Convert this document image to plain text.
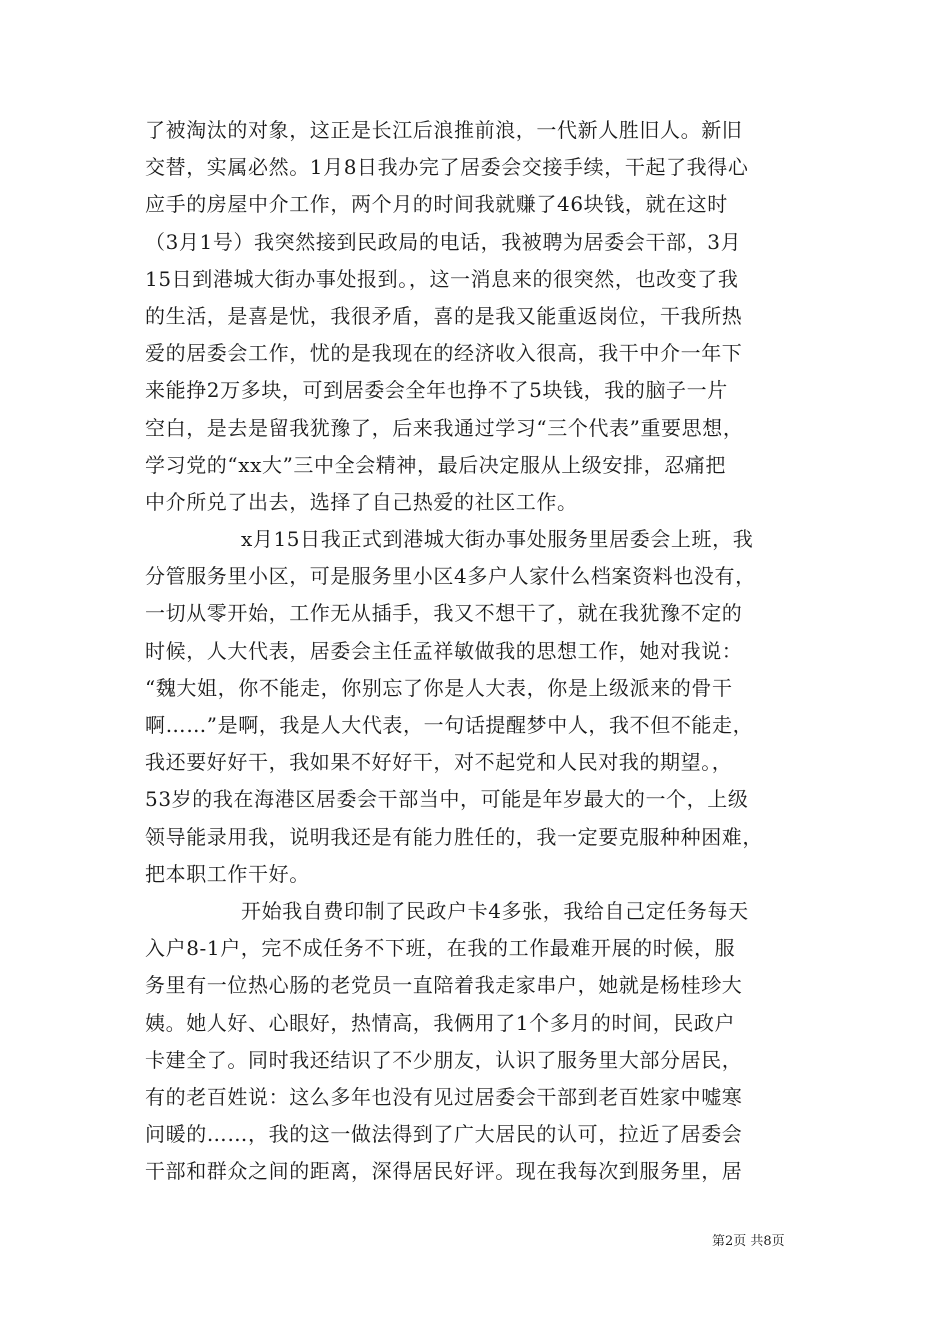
了被淘汰的对象，这正是长江后浪推前浪，一代新人胜旧人。新旧
交替，实属必然。1月8日我办完了居委会交接手续，干起了我得心
应手的房屋中介工作，两个月的时间我就赚了46块钱，就在这时
（3月1号）我突然接到民政局的电话，我被聘为居委会干部，3月
15日到港城大街办事处报到。，这一消息来的很突然，也改变了我
的生活，是喜是忧，我很矛盾，喜的是我又能重返岗位，干我所热
爱的居委会工作，忧的是我现在的经济收入很高，我干中介一年下
来能挣2万多块，可到居委会全年也挣不了5块钱，我的脑子一片
空白，是去是留我犹豫了，后来我通过学习“三个代表”重要思想，
学习党的“xx大”三中全会精神，最后决定服从上级安排，忍痛把
中介所兑了出去，选择了自己热爱的社区工作。
x月15日我正式到港城大街办事处服务里居委会上班，我
分管服务里小区，可是服务里小区4多户人家什么档案资料也没有，
一切从零开始，工作无从插手，我又不想干了，就在我犹豫不定的
时候，人大代表，居委会主任孟祥敏做我的思想工作，她对我说：
“魏大姐，你不能走，你别忘了你是人大表，你是上级派来的骨干
啊……”是啊，我是人大代表，一句话提醒梦中人，我不但不能走，
我还要好好干，我如果不好好干，对不起党和人民对我的期望。，
53岁的我在海港区居委会干部当中，可能是年岁最大的一个，上级
领导能录用我，说明我还是有能力胜任的，我一定要克服种种困难，
把本职工作干好。
开始我自费印制了民政户卡4多张，我给自己定任务每天
入户8-1户，完不成任务不下班，在我的工作最难开展的时候，服
务里有一位热心肠的老党员一直陪着我走家串户，她就是杨桂珍大
姨。她人好、心眼好，热情高，我俩用了1个多月的时间，民政户
卡建全了。同时我还结识了不少朋友，认识了服务里大部分居民，
有的老百姓说：这么多年也没有见过居委会干部到老百姓家中嘘寒
问暖的……，我的这一做法得到了广大居民的认可，拉近了居委会
干部和群众之间的距离，深得居民好评。现在我每次到服务里，居
第2页 共8页
